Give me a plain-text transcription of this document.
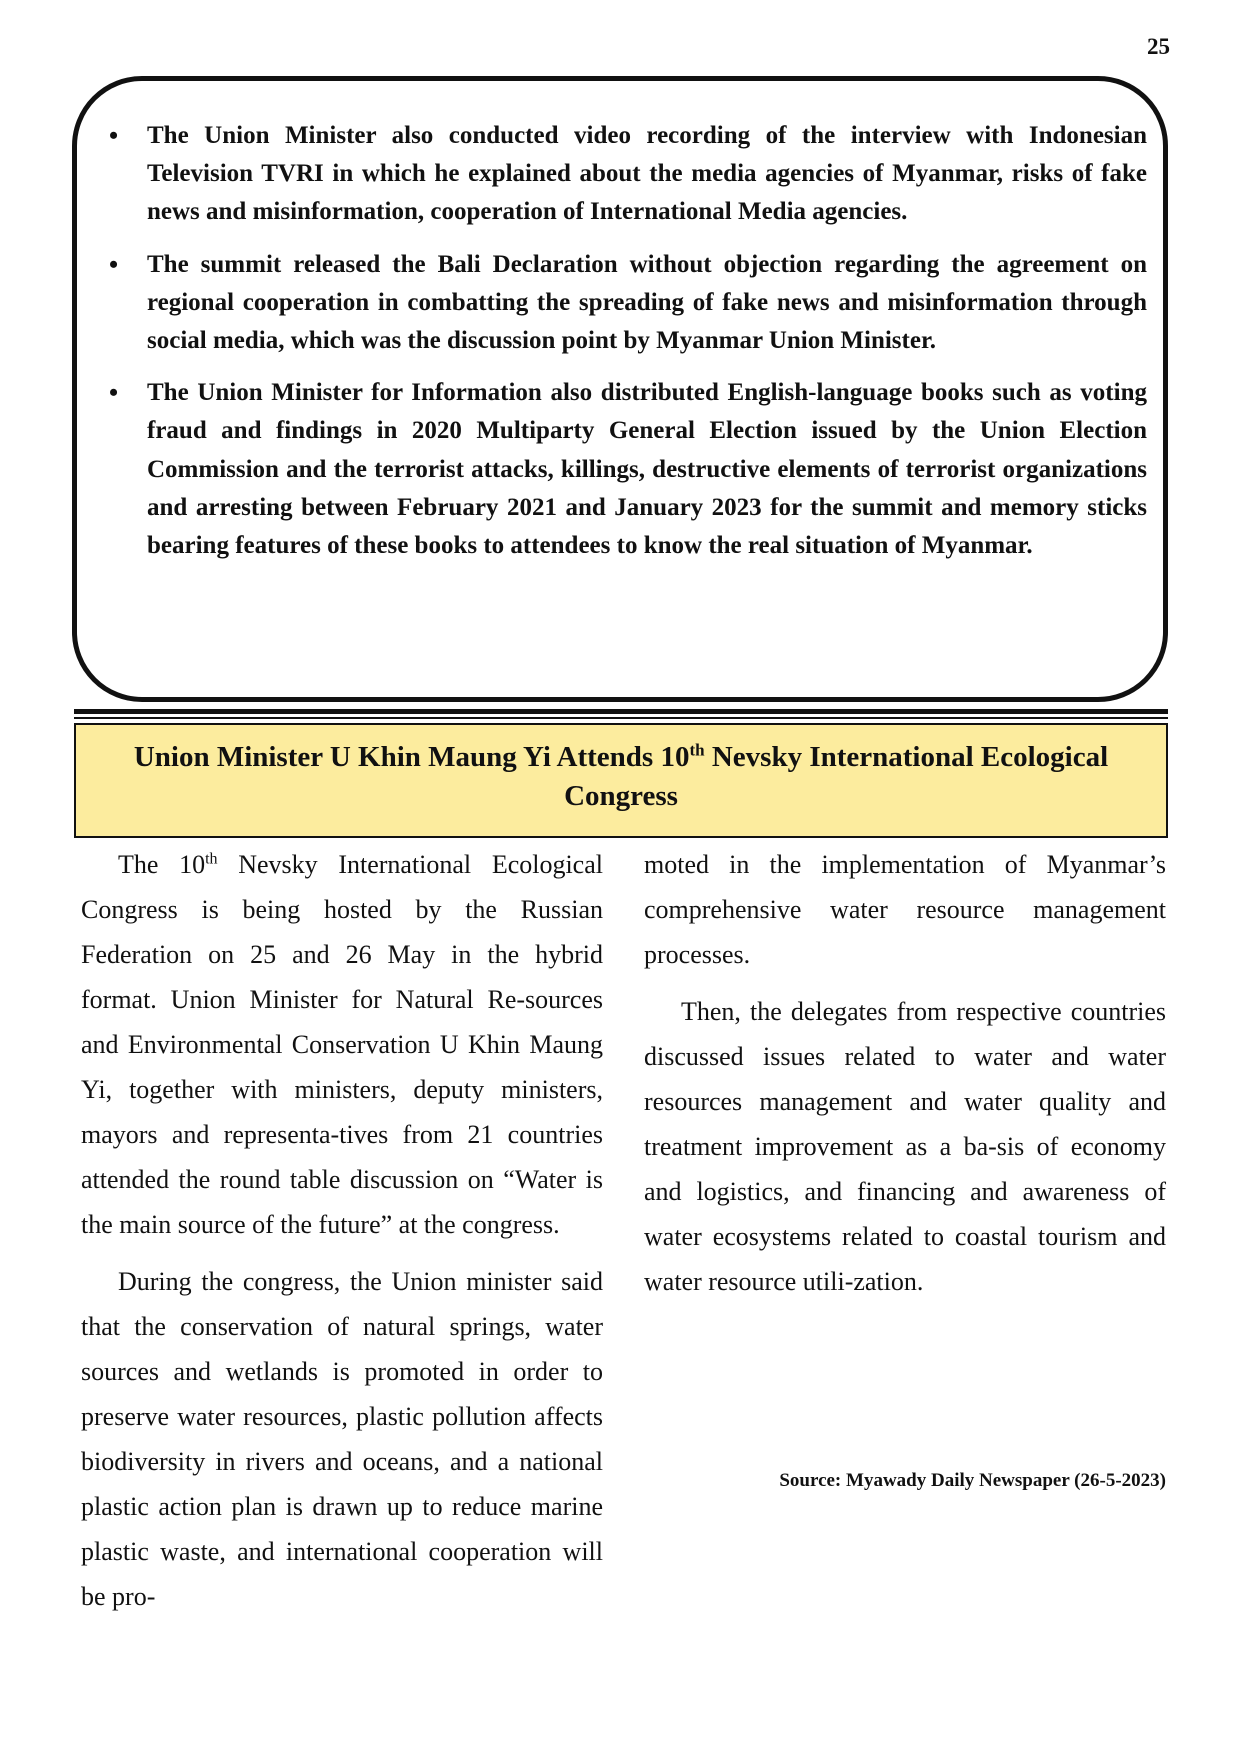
25
• The Union Minister also conducted video recording of the interview with Indonesian Television TVRI in which he explained about the media agencies of Myanmar, risks of fake news and misinformation, cooperation of International Media agencies.
• The summit released the Bali Declaration without objection regarding the agreement on regional cooperation in combatting the spreading of fake news and misinformation through social media, which was the discussion point by Myanmar Union Minister.
• The Union Minister for Information also distributed English-language books such as voting fraud and findings in 2020 Multiparty General Election issued by the Union Election Commission and the terrorist attacks, killings, destructive elements of terrorist organizations and arresting between February 2021 and January 2023 for the summit and memory sticks bearing features of these books to attendees to know the real situation of Myanmar.
Union Minister U Khin Maung Yi Attends 10th Nevsky International Ecological Congress

The 10th Nevsky International Ecological Congress is being hosted by the Russian Federation on 25 and 26 May in the hybrid format. Union Minister for Natural Re-sources and Environmental Conservation U Khin Maung Yi, together with ministers, deputy ministers, mayors and representa-tives from 21 countries attended the round table discussion on “Water is the main source of the future” at the congress.

During the congress, the Union minister said that the conservation of natural springs, water sources and wetlands is promoted in order to preserve water resources, plastic pollution affects biodiversity in rivers and oceans, and a national plastic action plan is drawn up to reduce marine plastic waste, and international cooperation will be pro-

moted in the implementation of Myanmar’s comprehensive water resource management processes.

Then, the delegates from respective countries discussed issues related to water and water resources management and water quality and treatment improvement as a ba-sis of economy and logistics, and financing and awareness of water ecosystems related to coastal tourism and water resource utili-zation.

Source: Myawady Daily Newspaper (26-5-2023)
